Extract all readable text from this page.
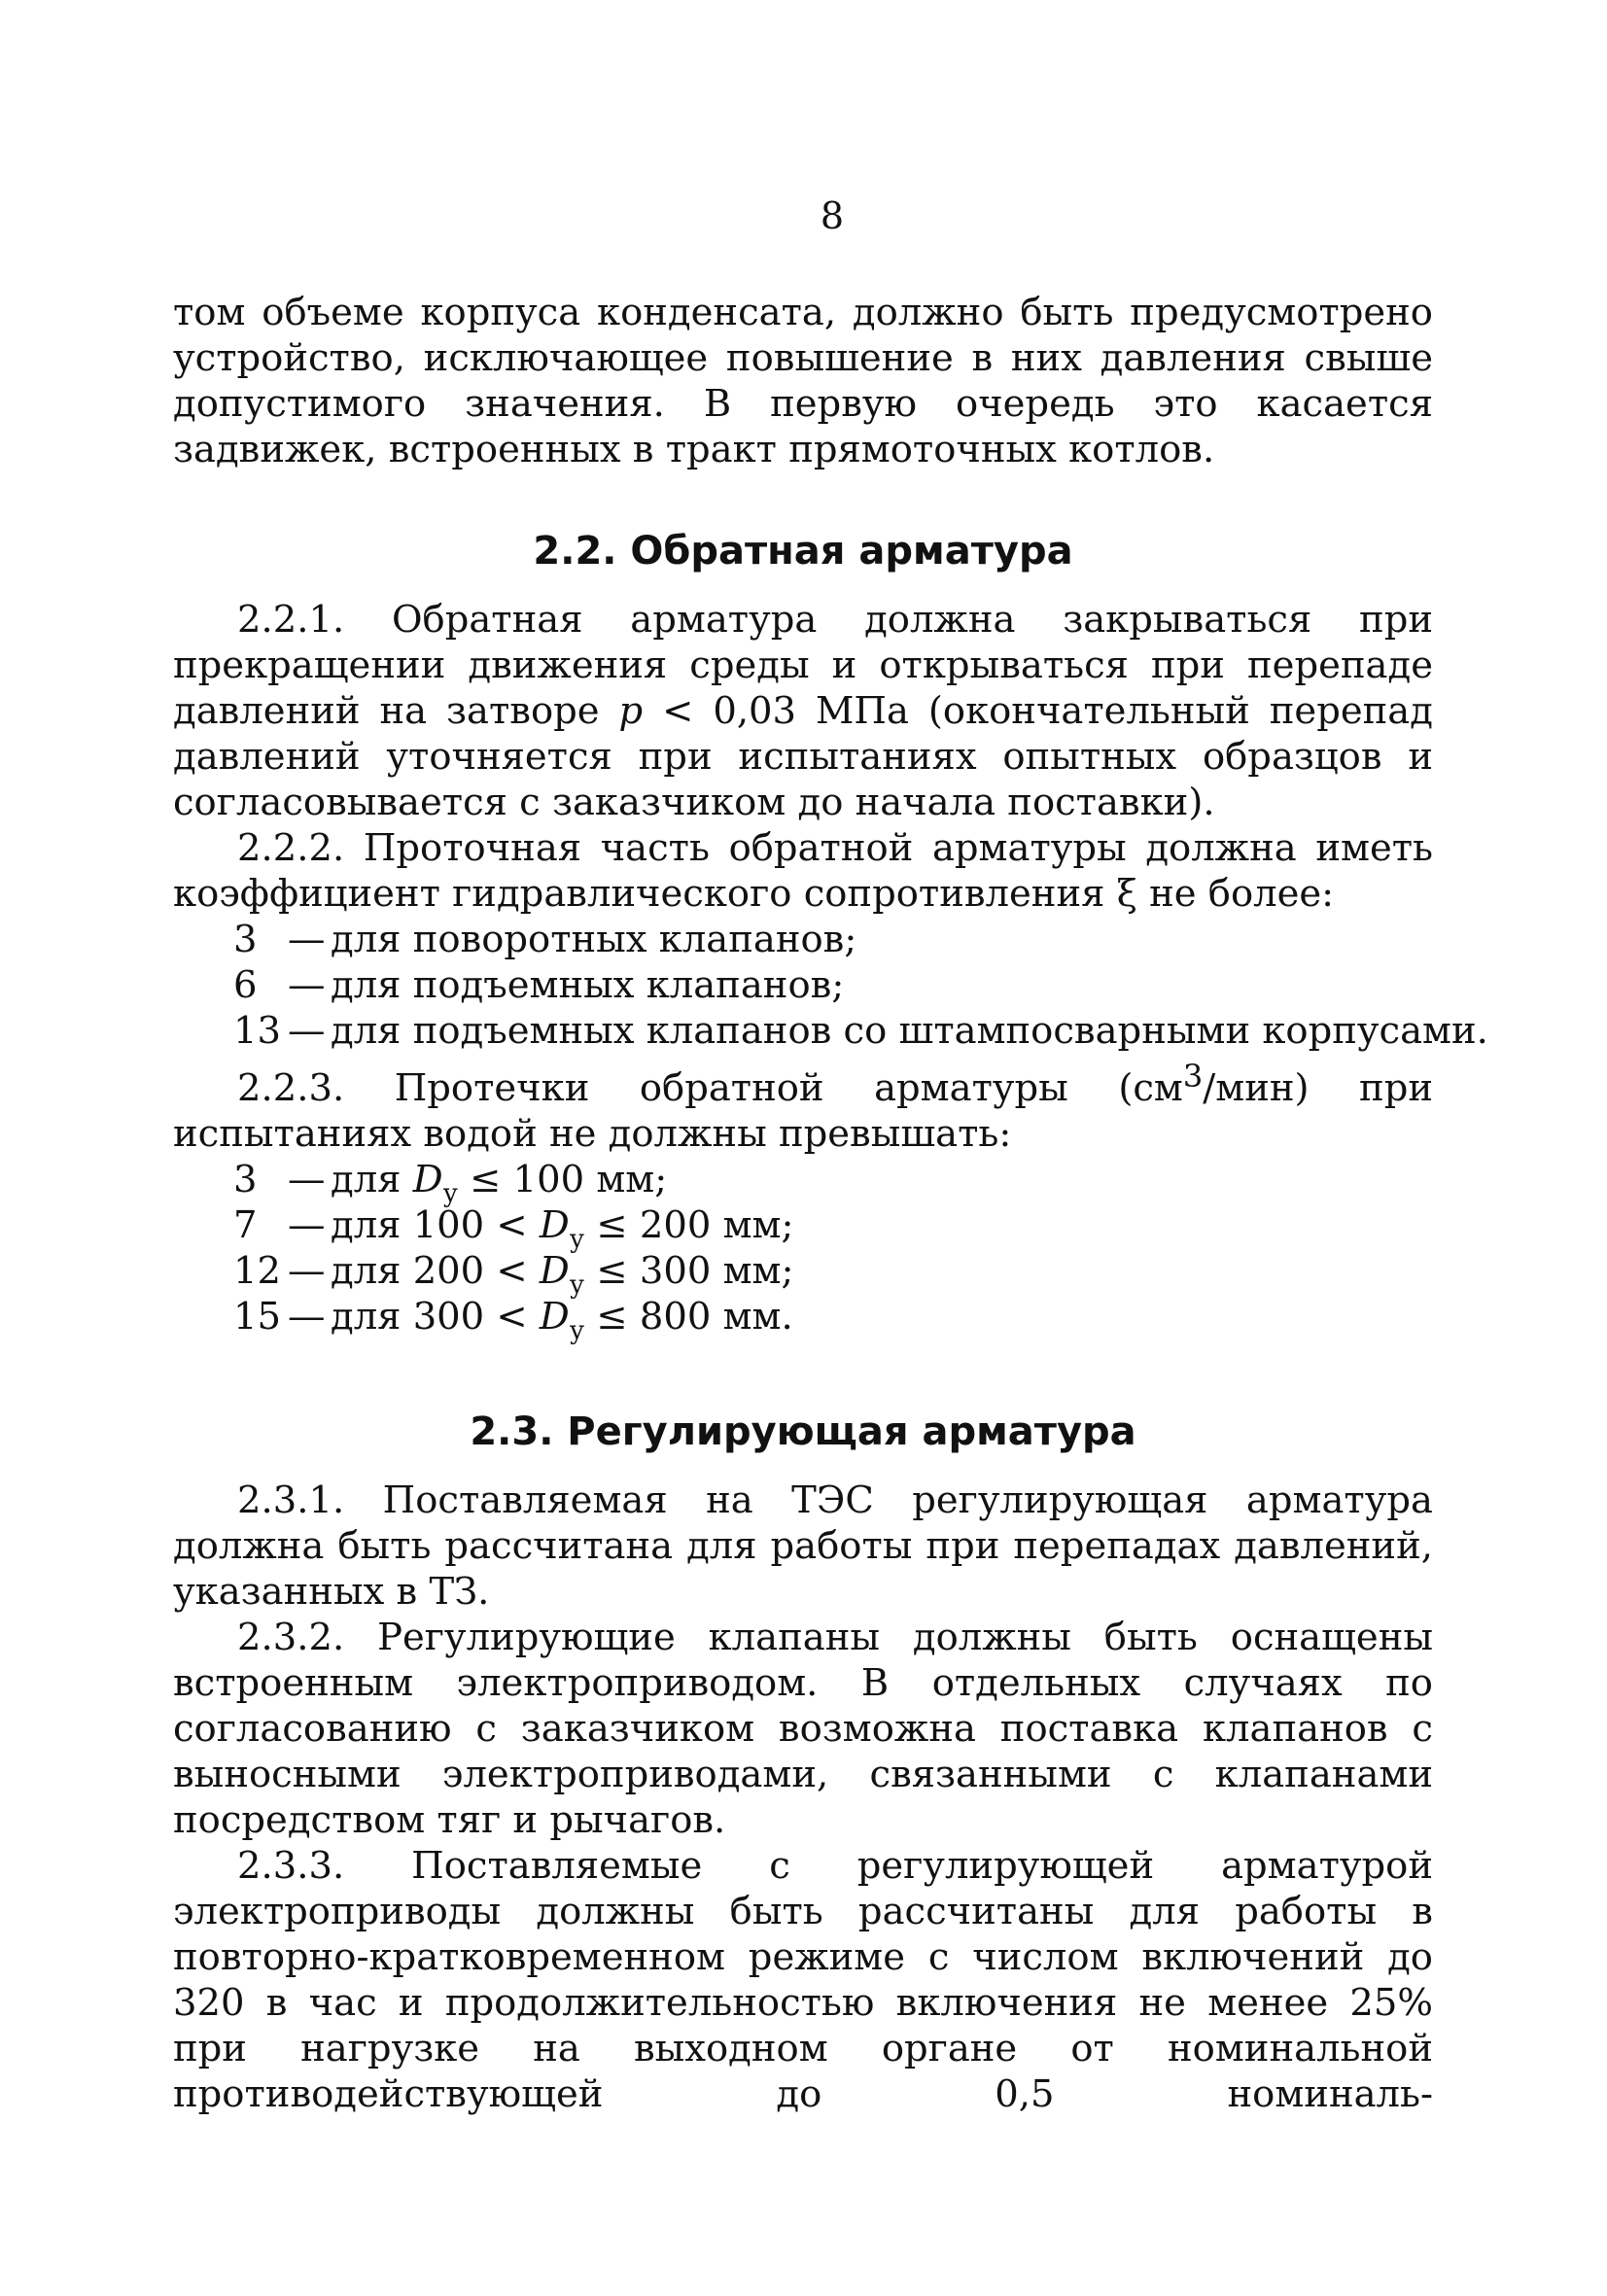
8

том объеме корпуса конденсата, должно быть предусмотрено устройство, исключающее повышение в них давления свыше допустимого значения. В первую очередь это касается задвижек, встроенных в тракт прямоточных котлов.

2.2. Обратная арматура

2.2.1. Обратная арматура должна закрываться при прекращении движения среды и открываться при перепаде давлений на затворе p < 0,03 МПа (окончательный перепад давлений уточняется при испытаниях опытных образцов и согласовывается с заказчиком до начала поставки).

2.2.2. Проточная часть обратной арматуры должна иметь коэффициент гидравлического сопротивления ξ не более:

3 — для поворотных клапанов;
6 — для подъемных клапанов;
13 — для подъемных клапанов со штампосварными корпусами.

2.2.3. Протечки обратной арматуры $(см^3/мин)$ при испытаниях водой не должны превышать:

3 — для $D_у \le 100$ мм;
7 — для $100 < D_у \le 200$ мм;
12 — для $200 < D_у \le 300$ мм;
15 — для $300 < D_у \le 800$ мм.
2.3. Регулирующая арматура

2.3.1. Поставляемая на ТЭС регулирующая арматура должна быть рассчитана для работы при перепадах давлений, указанных в ТЗ.

2.3.2. Регулирующие клапаны должны быть оснащены встроенным электроприводом. В отдельных случаях по согласованию с заказчиком возможна поставка клапанов с выносными электроприводами, связанными с клапанами посредством тяг и рычагов.

2.3.3. Поставляемые с регулирующей арматурой электроприводы должны быть рассчитаны для работы в повторно-кратковременном режиме с числом включений до 320 в час и продолжительностью включения не менее 25% при нагрузке на выходном органе от номинальной противодействующей до 0,5 номиналь-
